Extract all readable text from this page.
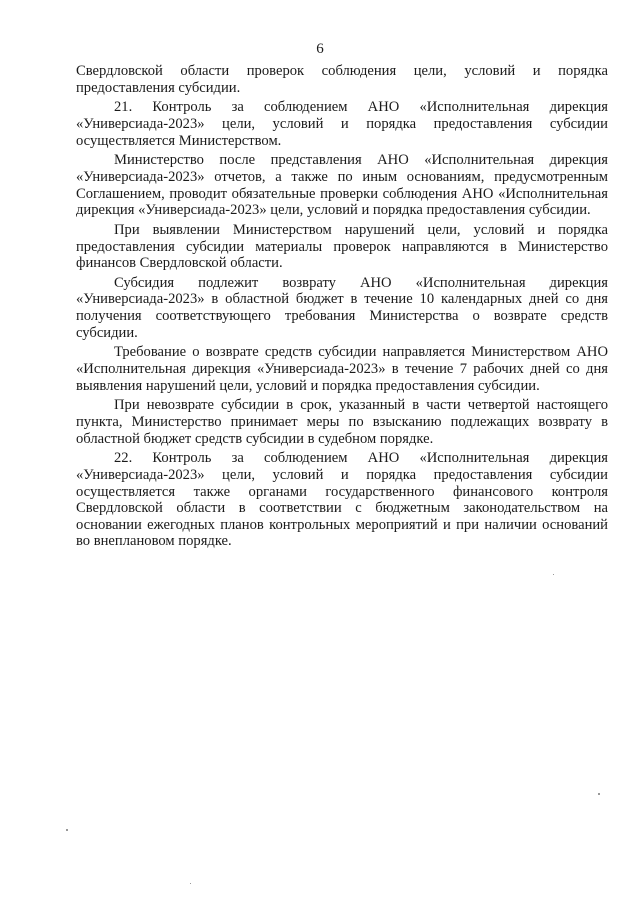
6

Свердловской области проверок соблюдения цели, условий и порядка предоставления субсидии.

21. Контроль за соблюдением АНО «Исполнительная дирекция «Универсиада-2023» цели, условий и порядка предоставления субсидии осуществляется Министерством.

Министерство после представления АНО «Исполнительная дирекция «Универсиада-2023» отчетов, а также по иным основаниям, предусмотренным Соглашением, проводит обязательные проверки соблюдения АНО «Исполнительная дирекция «Универсиада-2023» цели, условий и порядка предоставления субсидии.

При выявлении Министерством нарушений цели, условий и порядка предоставления субсидии материалы проверок направляются в Министерство финансов Свердловской области.

Субсидия подлежит возврату АНО «Исполнительная дирекция «Универсиада-2023» в областной бюджет в течение 10 календарных дней со дня получения соответствующего требования Министерства о возврате средств субсидии.

Требование о возврате средств субсидии направляется Министерством АНО «Исполнительная дирекция «Универсиада-2023» в течение 7 рабочих дней со дня выявления нарушений цели, условий и порядка предоставления субсидии.

При невозврате субсидии в срок, указанный в части четвертой настоящего пункта, Министерство принимает меры по взысканию подлежащих возврату в областной бюджет средств субсидии в судебном порядке.

22. Контроль за соблюдением АНО «Исполнительная дирекция «Универсиада-2023» цели, условий и порядка предоставления субсидии осуществляется также органами государственного финансового контроля Свердловской области в соответствии с бюджетным законодательством на основании ежегодных планов контрольных мероприятий и при наличии оснований во внеплановом порядке.
